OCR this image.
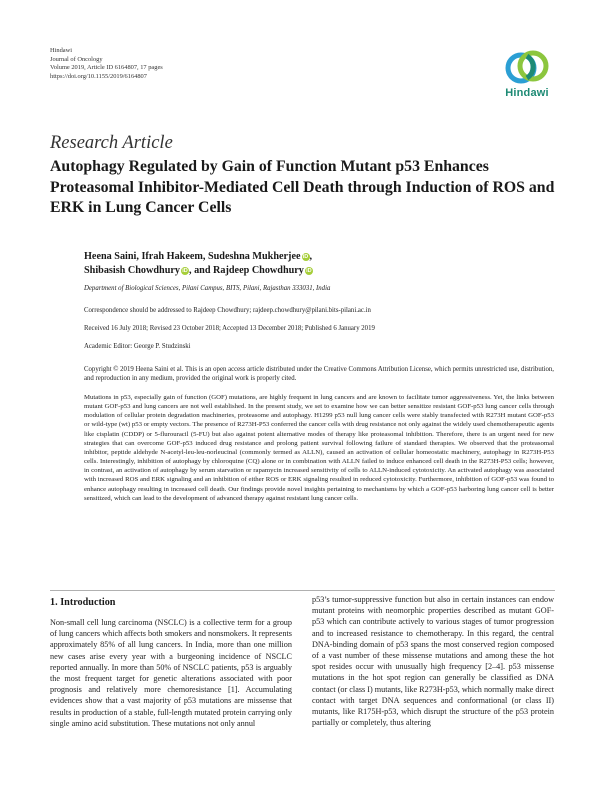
Hindawi
Journal of Oncology
Volume 2019, Article ID 6164807, 17 pages
https://doi.org/10.1155/2019/6164807
Hindawi
Research Article
Autophagy Regulated by Gain of Function Mutant p53 Enhances Proteasomal Inhibitor-Mediated Cell Death through Induction of ROS and ERK in Lung Cancer Cells
Heena Saini, Ifrah Hakeem, Sudeshna Mukherjee iD,
Shibasish Chowdhury iD, and Rajdeep Chowdhury iD
Department of Biological Sciences, Pilani Campus, BITS, Pilani, Rajasthan 333031, India
Correspondence should be addressed to Rajdeep Chowdhury; rajdeep.chowdhury@pilani.bits-pilani.ac.in
Received 16 July 2018; Revised 23 October 2018; Accepted 13 December 2018; Published 6 January 2019
Academic Editor: George P. Studzinski
Copyright © 2019 Heena Saini et al. This is an open access article distributed under the Creative Commons Attribution License, which permits unrestricted use, distribution, and reproduction in any medium, provided the original work is properly cited.
Mutations in p53, especially gain of function (GOF) mutations, are highly frequent in lung cancers and are known to facilitate tumor aggressiveness. Yet, the links between mutant GOF-p53 and lung cancers are not well established. In the present study, we set to examine how we can better sensitize resistant GOF-p53 lung cancer cells through modulation of cellular protein degradation machineries, proteasome and autophagy. H1299 p53 null lung cancer cells were stably transfected with R273H mutant GOF-p53 or wild-type (wt) p53 or empty vectors. The presence of R273H-P53 conferred the cancer cells with drug resistance not only against the widely used chemotherapeutic agents like cisplatin (CDDP) or 5-flurouracil (5-FU) but also against potent alternative modes of therapy like proteasomal inhibition. Therefore, there is an urgent need for new strategies that can overcome GOF-p53 induced drug resistance and prolong patient survival following failure of standard therapies. We observed that the proteasomal inhibitor, peptide aldehyde N-acetyl-leu-leu-norleucinal (commonly termed as ALLN), caused an activation of cellular homeostatic machinery, autophagy in R273H-P53 cells. Interestingly, inhibition of autophagy by chloroquine (CQ) alone or in combination with ALLN failed to induce enhanced cell death in the R273H-P53 cells; however, in contrast, an activation of autophagy by serum starvation or rapamycin increased sensitivity of cells to ALLN-induced cytotoxicity. An activated autophagy was associated with increased ROS and ERK signaling and an inhibition of either ROS or ERK signaling resulted in reduced cytotoxicity. Furthermore, inhibition of GOF-p53 was found to enhance autophagy resulting in increased cell death. Our findings provide novel insights pertaining to mechanisms by which a GOF-p53 harboring lung cancer cell is better sensitized, which can lead to the development of advanced therapy against resistant lung cancer cells.
1. Introduction
Non-small cell lung carcinoma (NSCLC) is a collective term for a group of lung cancers which affects both smokers and nonsmokers. It represents approximately 85% of all lung cancers. In India, more than one million new cases arise every year with a burgeoning incidence of NSCLC reported annually. In more than 50% of NSCLC patients, p53 is arguably the most frequent target for genetic alterations associated with poor prognosis and relatively more chemoresistance [1]. Accumulating evidences show that a vast majority of p53 mutations are missense that results in production of a stable, full-length mutated protein carrying only single amino acid substitution. These mutations not only annul
p53’s tumor-suppressive function but also in certain instances can endow mutant proteins with neomorphic properties described as mutant GOF-p53 which can contribute actively to various stages of tumor progression and to increased resistance to chemotherapy. In this regard, the central DNA-binding domain of p53 spans the most conserved region composed of a vast number of these missense mutations and among these the hot spot resides occur with unusually high frequency [2–4]. p53 missense mutations in the hot spot region can generally be classified as DNA contact (or class I) mutants, like R273H-p53, which normally make direct contact with target DNA sequences and conformational (or class II) mutants, like R175H-p53, which disrupt the structure of the p53 protein partially or completely, thus altering
